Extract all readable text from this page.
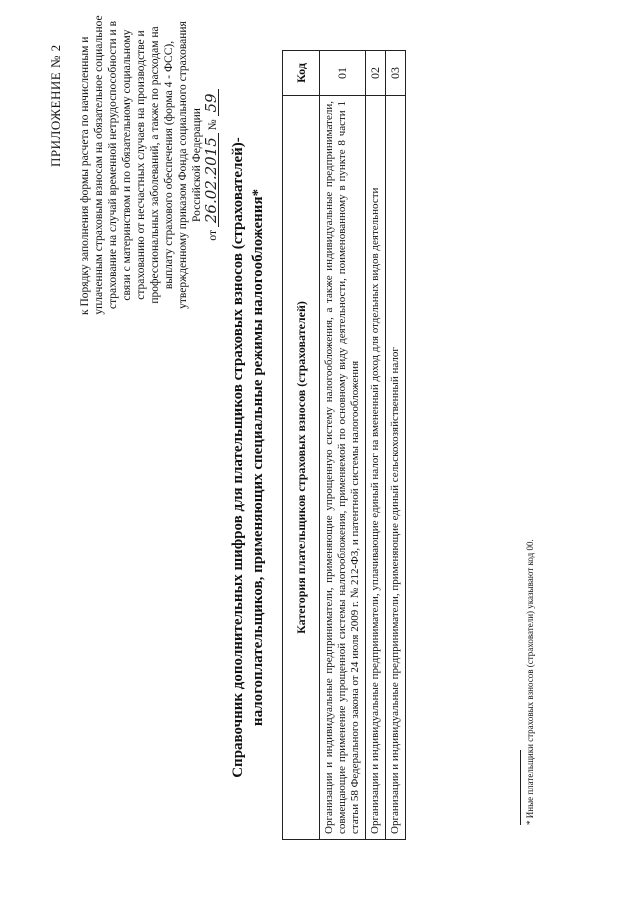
ПРИЛОЖЕНИЕ № 2 к Порядку заполнения формы расчета по начисленным и уплаченным страховым взносам на обязательное социальное страхование на случай временной нетрудоспособности и в связи с материнством и по обязательному социальному страхованию от несчастных случаев на производстве и профессиональных заболеваний, а также по расходам на выплату страхового обеспечения (форма 4 - ФСС), утвержденному приказом Фонда социального страхования Российской Федерации
от 26.02.2015 № 59
Справочник дополнительных шифров для плательщиков страховых взносов (страхователей)- налогоплательщиков, применяющих специальные режимы налогообложения* Категория плательщиков страховых взносов (страхователей)	Код
Организации и индивидуальные предприниматели, применяющие упрощенную систему налогообложения, а также индивидуальные предприниматели, совмещающие применение упрощенной системы налогообложения, применяемой по основному виду деятельности, поименованному в пункте 8 части 1 статьи 58 Федерального закона от 24 июля 2009 г. № 212-ФЗ, и патентной системы налогообложения	01
Организации и индивидуальные предприниматели, уплачивающие единый налог на вмененный доход для отдельных видов деятельности	02
Организации и индивидуальные предприниматели, применяющие единый сельскохозяйственный налог	03
* Иные плательщики страховых взносов (страхователи) указывают код 00.
